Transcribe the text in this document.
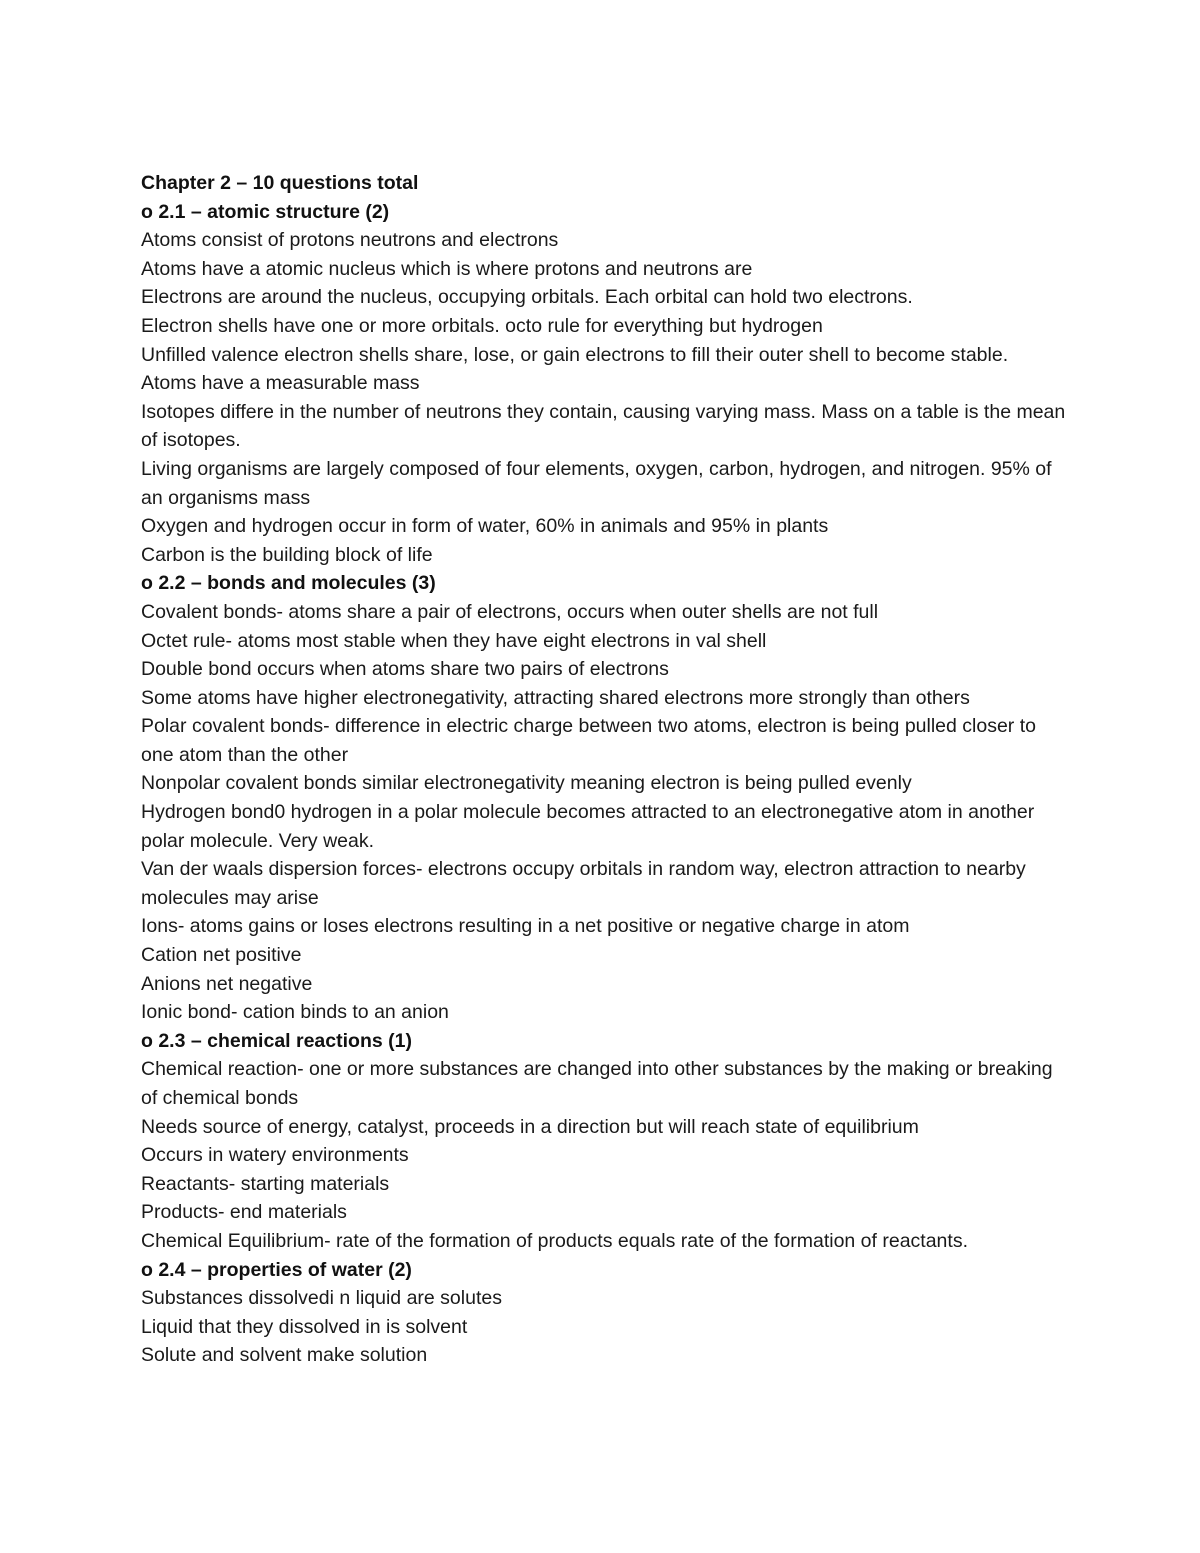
Chapter 2 – 10 questions total

o 2.1 – atomic structure (2)

Atoms consist of protons neutrons and electrons

Atoms have a atomic nucleus which is where protons and neutrons are

Electrons are around the nucleus, occupying orbitals. Each orbital can hold two electrons.

Electron shells have one or more orbitals. octo rule for everything but hydrogen

Unfilled valence electron shells share, lose, or gain electrons to fill their outer shell to become stable.

Atoms have a measurable mass

Isotopes differe in the number of neutrons they contain, causing varying mass. Mass on a table is the mean of isotopes.

Living organisms are largely composed of four elements, oxygen, carbon, hydrogen, and nitrogen. 95% of an organisms mass

Oxygen and hydrogen occur in form of water, 60% in animals and 95% in plants

Carbon is the building block of life

o 2.2 – bonds and molecules (3)

Covalent bonds- atoms share a pair of electrons, occurs when outer shells are not full

Octet rule- atoms most stable when they have eight electrons in val shell

Double bond occurs when atoms share two pairs of electrons

Some atoms have higher electronegativity, attracting shared electrons more strongly than others

Polar covalent bonds- difference in electric charge between two atoms, electron is being pulled closer to one atom than the other

Nonpolar covalent bonds similar electronegativity meaning electron is being pulled evenly

Hydrogen bond0 hydrogen in a polar molecule becomes attracted to an electronegative atom in another polar molecule. Very weak.

Van der waals dispersion forces- electrons occupy orbitals in random way, electron attraction to nearby molecules may arise

Ions- atoms gains or loses electrons resulting in a net positive or negative charge in atom

Cation net positive

Anions net negative

Ionic bond- cation binds to an anion

o 2.3 – chemical reactions (1)

Chemical reaction- one or more substances are changed into other substances by the making or breaking of chemical bonds

Needs source of energy, catalyst, proceeds in a direction but will reach state of equilibrium

Occurs in watery environments

Reactants- starting materials

Products- end materials

Chemical Equilibrium- rate of the formation of products equals rate of the formation of reactants.

o 2.4 – properties of water (2)

Substances dissolvedi n liquid are solutes

Liquid that they dissolved in is solvent

Solute and solvent make solution
